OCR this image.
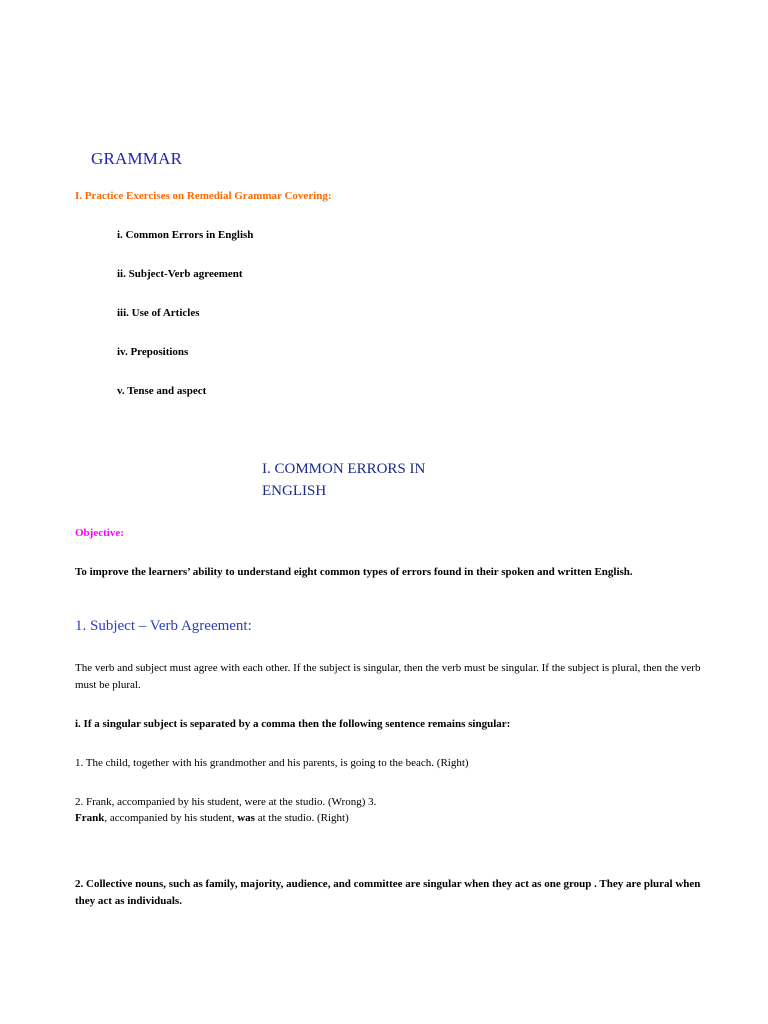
GRAMMAR

I. Practice Exercises on Remedial Grammar Covering:

i. Common Errors in English

ii. Subject-Verb agreement

iii. Use of Articles

iv. Prepositions

v. Tense and aspect

I. COMMON ERRORS IN ENGLISH

Objective:

To improve the learners’ ability to understand eight common types of errors found in their spoken and written English.

1. Subject – Verb Agreement:

The verb and subject must agree with each other. If the subject is singular, then the verb must be singular. If the subject is plural, then the verb must be plural.

i. If a singular subject is separated by a comma then the following sentence remains singular:

1. The child, together with his grandmother and his parents, is going to the beach. (Right)

2. Frank, accompanied by his student, were at the studio. (Wrong) 3.

Frank, accompanied by his student, was at the studio. (Right)

2. Collective nouns, such as family, majority, audience, and committee are singular when they act as one group . They are plural when they act as individuals.
